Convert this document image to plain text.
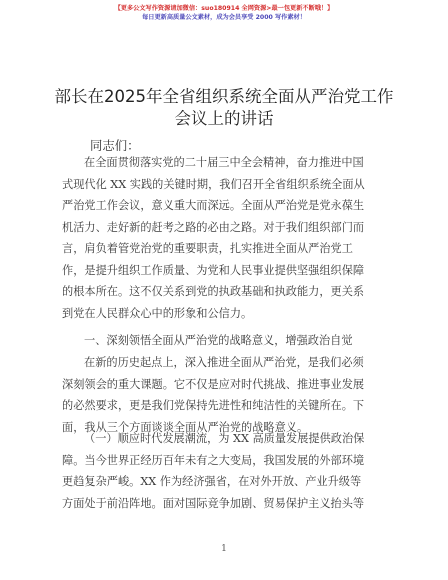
【更多公文写作资源请加微信：suo180914 全网资源>最一包更新不断哦！】
每日更新高质量公文素材，成为会员享受 2000 写作素材！
部长在2025年全省组织系统全面从严治党工作
会议上的讲话
同志们：
在全面贯彻落实党的二十届三中全会精神，奋力推进中国
式现代化 XX 实践的关键时期，我们召开全省组织系统全面从
严治党工作会议，意义重大而深远。全面从严治党是党永葆生
机活力、走好新的赶考之路的必由之路。对于我们组织部门而
言，肩负着管党治党的重要职责，扎实推进全面从严治党工
作，是提升组织工作质量、为党和人民事业提供坚强组织保障
的根本所在。这不仅关系到党的执政基础和执政能力，更关系
到党在人民群众心中的形象和公信力。
一、深刻领悟全面从严治党的战略意义，增强政治自觉
在新的历史起点上，深入推进全面从严治党，是我们必须
深刻领会的重大课题。它不仅是应对时代挑战、推进事业发展
的必然要求，更是我们党保持先进性和纯洁性的关键所在。下
面，我从三个方面谈谈全面从严治党的战略意义。
（一）顺应时代发展潮流，为 XX 高质量发展提供政治保
障。当今世界正经历百年未有之大变局，我国发展的外部环境
更趋复杂严峻。XX 作为经济强省，在对外开放、产业升级等
方面处于前沿阵地。面对国际竞争加剧、贸易保护主义抬头等
1
